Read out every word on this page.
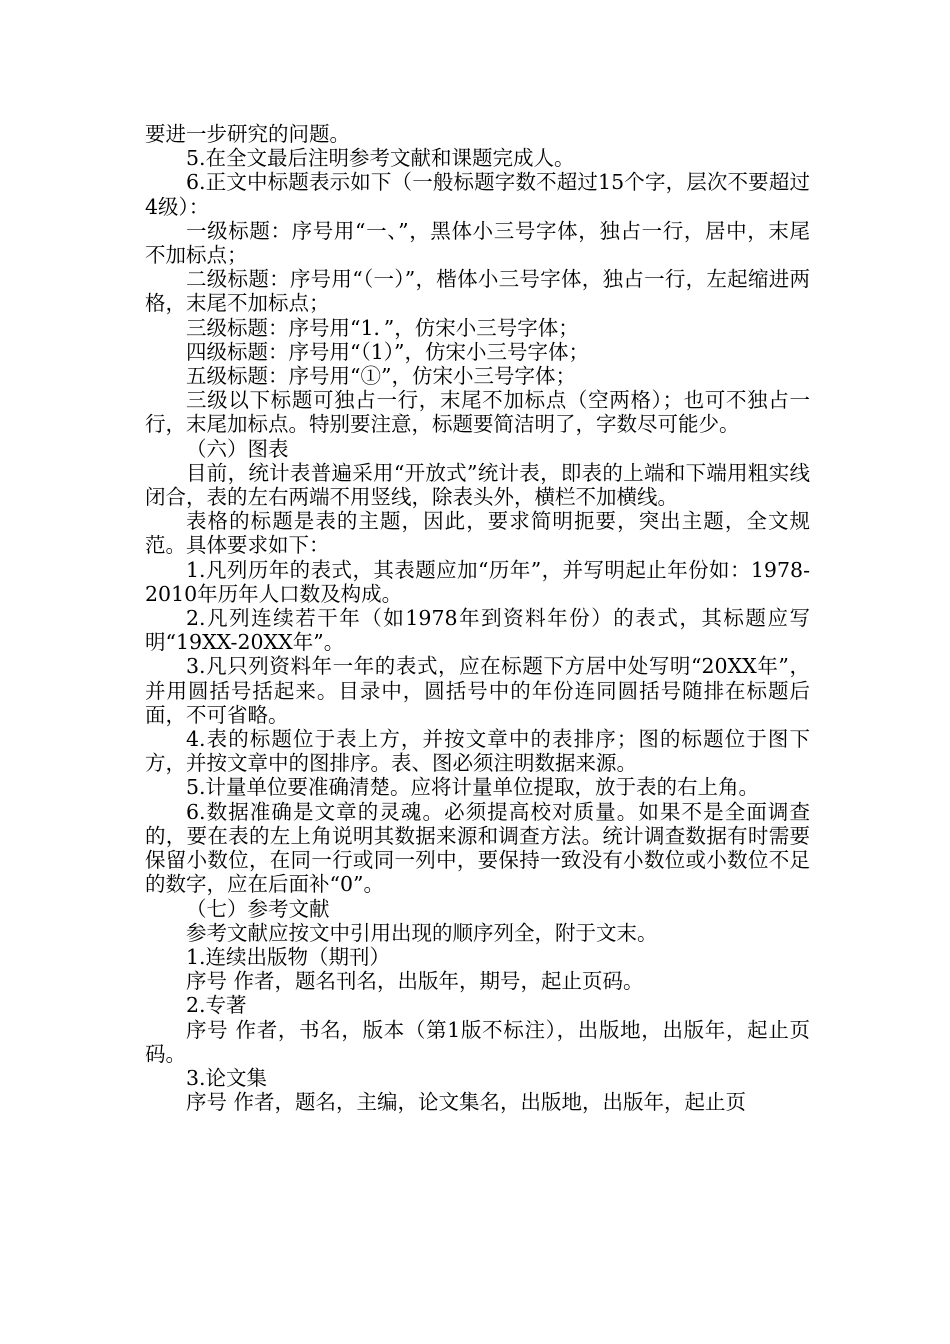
要进一步研究的问题。

5.在全文最后注明参考文献和课题完成人。

6.正文中标题表示如下（一般标题字数不超过15个字，层次不要超过4级）：

一级标题：序号用“一、”，黑体小三号字体，独占一行，居中，末尾不加标点；

二级标题：序号用“（一）”，楷体小三号字体，独占一行，左起缩进两格，末尾不加标点；

三级标题：序号用“1．”，仿宋小三号字体；

四级标题：序号用“（1）”，仿宋小三号字体；

五级标题：序号用“①”，仿宋小三号字体；

三级以下标题可独占一行，末尾不加标点（空两格）；也可不独占一行，末尾加标点。特别要注意，标题要简洁明了，字数尽可能少。

（六）图表

目前，统计表普遍采用“开放式”统计表，即表的上端和下端用粗实线闭合，表的左右两端不用竖线，除表头外，横栏不加横线。

表格的标题是表的主题，因此，要求简明扼要，突出主题，全文规范。具体要求如下：

1.凡列历年的表式，其表题应加“历年”，并写明起止年份如：1978-2010年历年人口数及构成。

2.凡列连续若干年（如1978年到资料年份）的表式，其标题应写明“19XX-20XX年”。

3.凡只列资料年一年的表式，应在标题下方居中处写明“20XX年”，并用圆括号括起来。目录中，圆括号中的年份连同圆括号随排在标题后面，不可省略。

4.表的标题位于表上方，并按文章中的表排序；图的标题位于图下方，并按文章中的图排序。表、图必须注明数据来源。

5.计量单位要准确清楚。应将计量单位提取，放于表的右上角。

6.数据准确是文章的灵魂。必须提高校对质量。如果不是全面调查的，要在表的左上角说明其数据来源和调查方法。统计调查数据有时需要保留小数位，在同一行或同一列中，要保持一致没有小数位或小数位不足的数字，应在后面补“0”。

（七）参考文献

参考文献应按文中引用出现的顺序列全，附于文末。

1.连续出版物（期刊）

序号 作者，题名刊名，出版年，期号，起止页码。

2.专著

序号 作者，书名，版本（第1版不标注），出版地，出版年，起止页码。

3.论文集

序号 作者，题名，主编，论文集名，出版地，出版年，起止页
